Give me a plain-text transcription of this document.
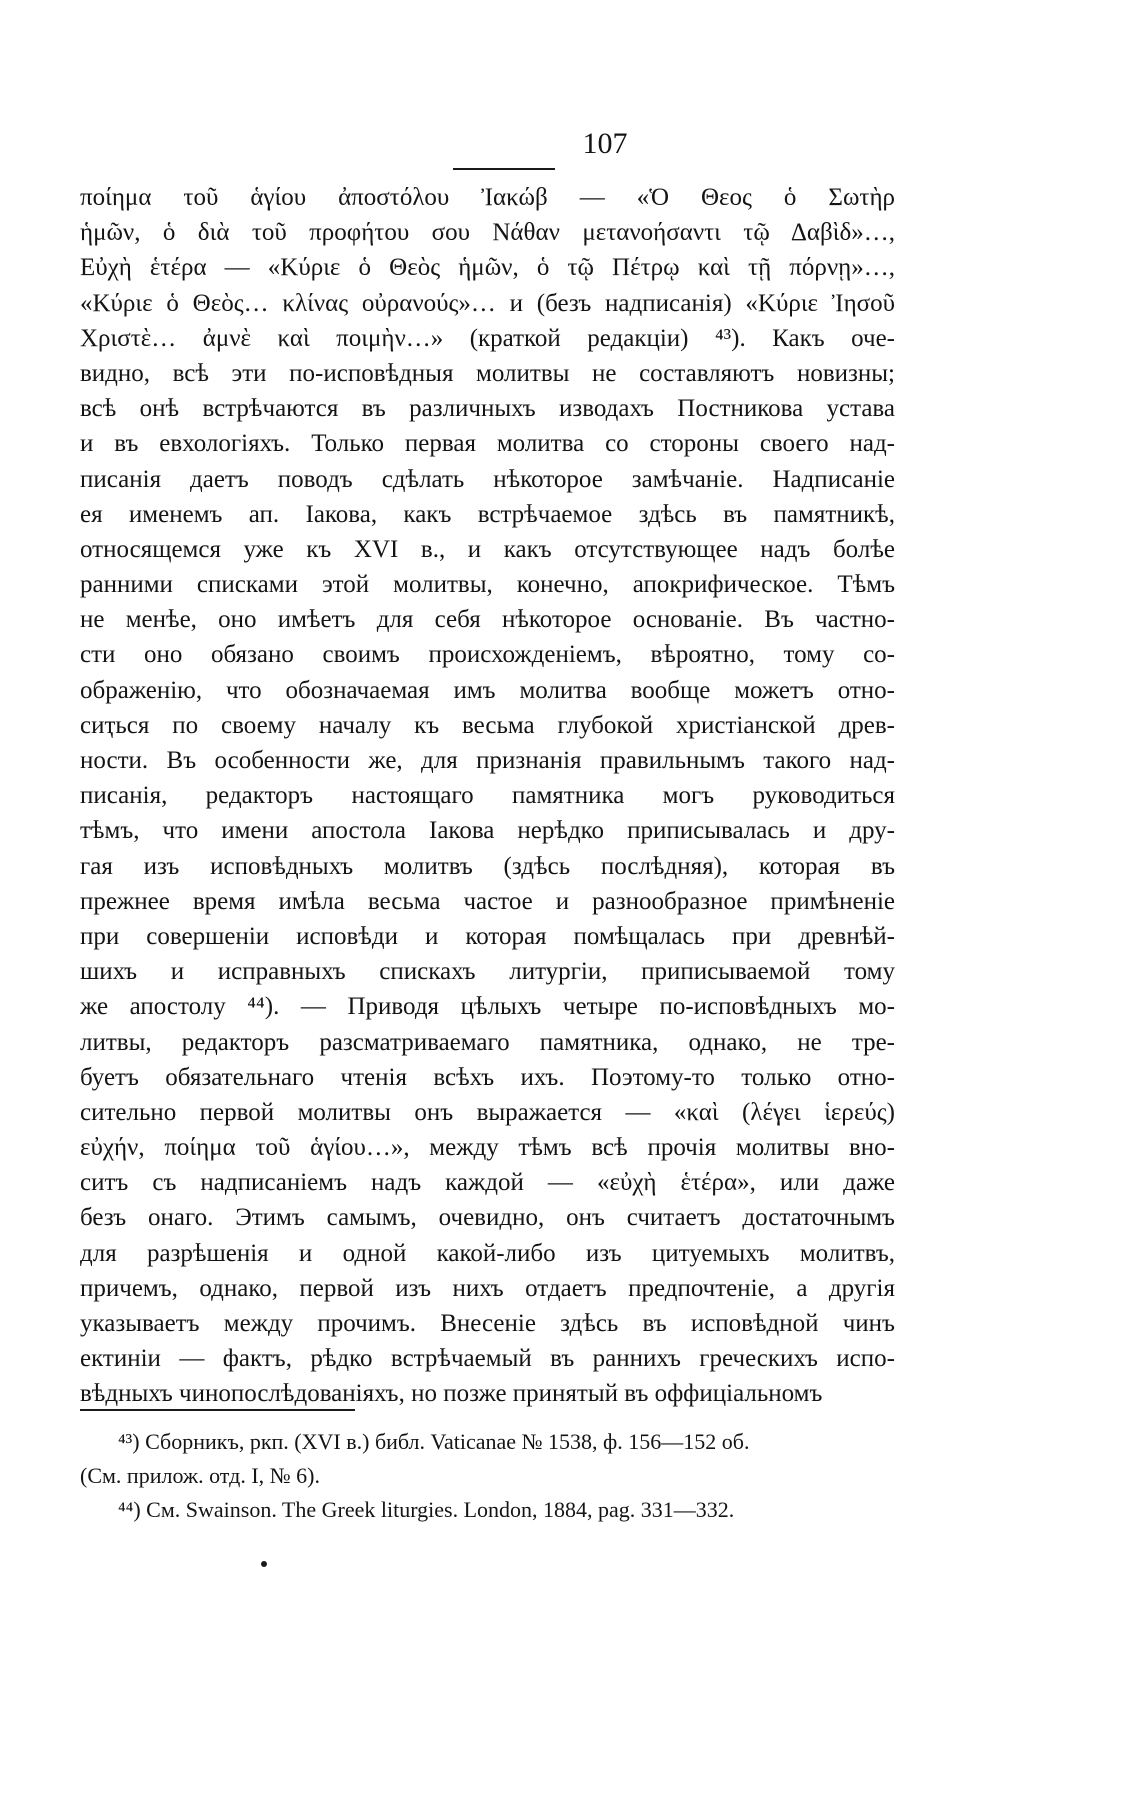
107
ποίημα τοῦ ἁγίου ἀποστόλου Ἰακώβ — «Ὁ Θεος ὁ Σωτὴρ
ἡμῶν, ὁ διὰ τοῦ προφήτου σου Νάθαν μετανοήσαντι τῷ Δαβὶδ»…,
Εὐχὴ ἑτέρα — «Κύριε ὁ Θεὸς ἡμῶν, ὁ τῷ Πέτρῳ καὶ τῇ πόρνῃ»…,
«Κύριε ὁ Θεὸς… κλίνας οὐρανούς»… и (безъ надписанія) «Κύριε Ἰησοῦ
Χριστὲ… ἀμνὲ καὶ ποιμὴν…» (краткой редакціи) ⁴³). Какъ оче-
видно, всѣ эти по-исповѣдныя молитвы не составляютъ новизны;
всѣ онѣ встрѣчаются въ различныхъ изводахъ Постникова устава
и въ евхологіяхъ. Только первая молитва со стороны своего над-
писанія даетъ поводъ сдѣлать нѣкоторое замѣчаніе. Надписаніе
ея именемъ ап. Іакова, какъ встрѣчаемое здѣсь въ памятникѣ,
относящемся уже къ XVI в., и какъ отсутствующее надъ болѣе
ранними списками этой молитвы, конечно, апокрифическое. Тѣмъ
не менѣе, оно имѣетъ для себя нѣкоторое основаніе. Въ частно-
сти оно обязано своимъ происхожденіемъ, вѣроятно, тому со-
ображенію, что обозначаемая имъ молитва вообще можетъ отно-
сиҭься по своему началу къ весьма глубокой христіанской древ-
ности. Въ особенности же, для признанія правильнымъ такого над-
писанія, редакторъ настоящаго памятника могъ руководиться
тѣмъ, что имени апостола Іакова нерѣдко приписывалась и дру-
гая изъ исповѣдныхъ молитвъ (здѣсь послѣдняя), которая въ
прежнее время имѣла весьма частое и разнообразное примѣненіе
при совершеніи исповѣди и которая помѣщалась при древнѣй-
шихъ и исправныхъ спискахъ литургіи, приписываемой тому
же апостолу ⁴⁴). — Приводя цѣлыхъ четыре по-исповѣдныхъ мо-
литвы, редакторъ разсматриваемаго памятника, однако, не тре-
буетъ обязательнаго чтенія всѣхъ ихъ. Поэтому-то только отно-
сительно первой молитвы онъ выражается — «καὶ (λέγει ἱερεύς)
εὐχήν, ποίημα τοῦ ἁγίου…», между тѣмъ всѣ прочія молитвы вно-
ситъ съ надписаніемъ надъ каждой — «εὐχὴ ἑτέρα», или даже
безъ онаго. Этимъ самымъ, очевидно, онъ считаетъ достаточнымъ
для разрѣшенія и одной какой-либо изъ цитуемыхъ молитвъ,
причемъ, однако, первой изъ нихъ отдаетъ предпочтеніе, а другія
указываетъ между прочимъ. Внесеніе здѣсь въ исповѣдной чинъ
ектиніи — фактъ, рѣдко встрѣчаемый въ раннихъ греческихъ испо-
вѣдныхъ чинопослѣдованіяхъ, но позже принятый въ оффиціальномъ
⁴³) Сборникъ, ркп. (XVI в.) библ. Vaticanae № 1538, ф. 156—152 об.
(См. прилож. отд. I, № 6).
⁴⁴) См. Swainson. The Greek liturgies. London, 1884, pag. 331—332.
